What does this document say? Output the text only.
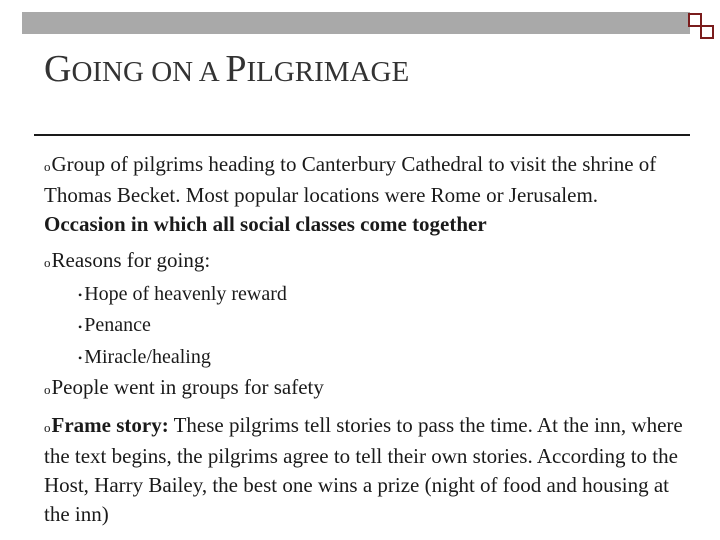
GOING ON A PILGRIMAGE

oGroup of pilgrims heading to Canterbury Cathedral to visit the shrine of Thomas Becket. Most popular locations were Rome or Jerusalem. Occasion in which all social classes come together

oReasons for going:

• Hope of heavenly reward
• Penance
• Miracle/healing

oPeople went in groups for safety

oFrame story: These pilgrims tell stories to pass the time. At the inn, where the text begins, the pilgrims agree to tell their own stories. According to the Host, Harry Bailey, the best one wins a prize (night of food and housing at the inn)
